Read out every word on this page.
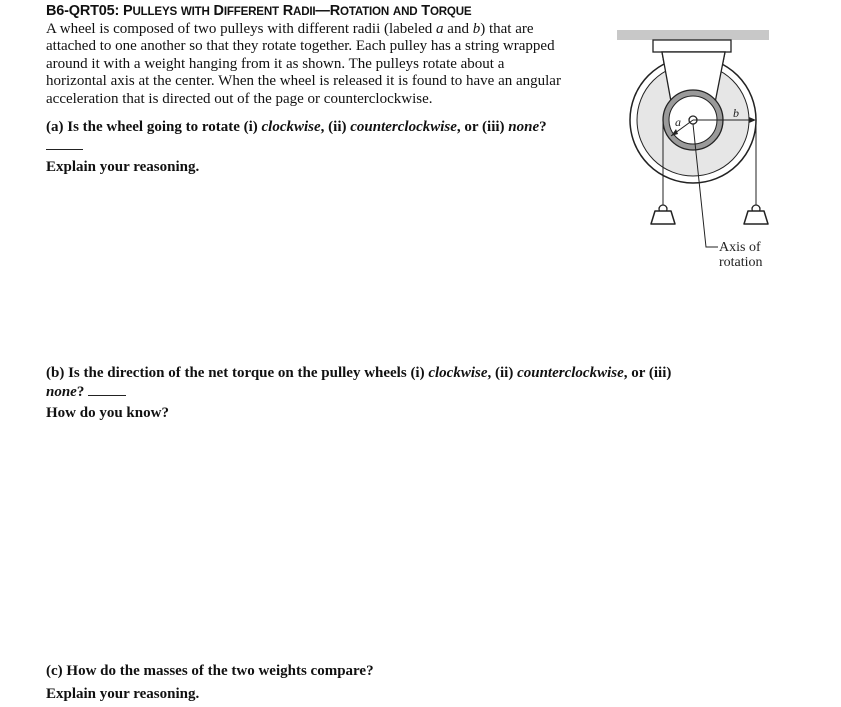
B6-QRT05: PULLEYS WITH DIFFERENT RADII—ROTATION AND TORQUE
A wheel is composed of two pulleys with different radii (labeled a and b) that are
attached to one another so that they rotate together. Each pulley has a string wrapped
around it with a weight hanging from it as shown. The pulleys rotate about a
horizontal axis at the center. When the wheel is released it is found to have an angular
acceleration that is directed out of the page or counterclockwise.
(a) Is the wheel going to rotate (i) clockwise, (ii) counterclockwise, or (iii) none?
Explain your reasoning.
(b) Is the direction of the net torque on the pulley wheels (i) clockwise, (ii) counterclockwise, or (iii)
none?
How do you know?
(c) How do the masses of the two weights compare?
Explain your reasoning.
a
b
Axis of
rotation
